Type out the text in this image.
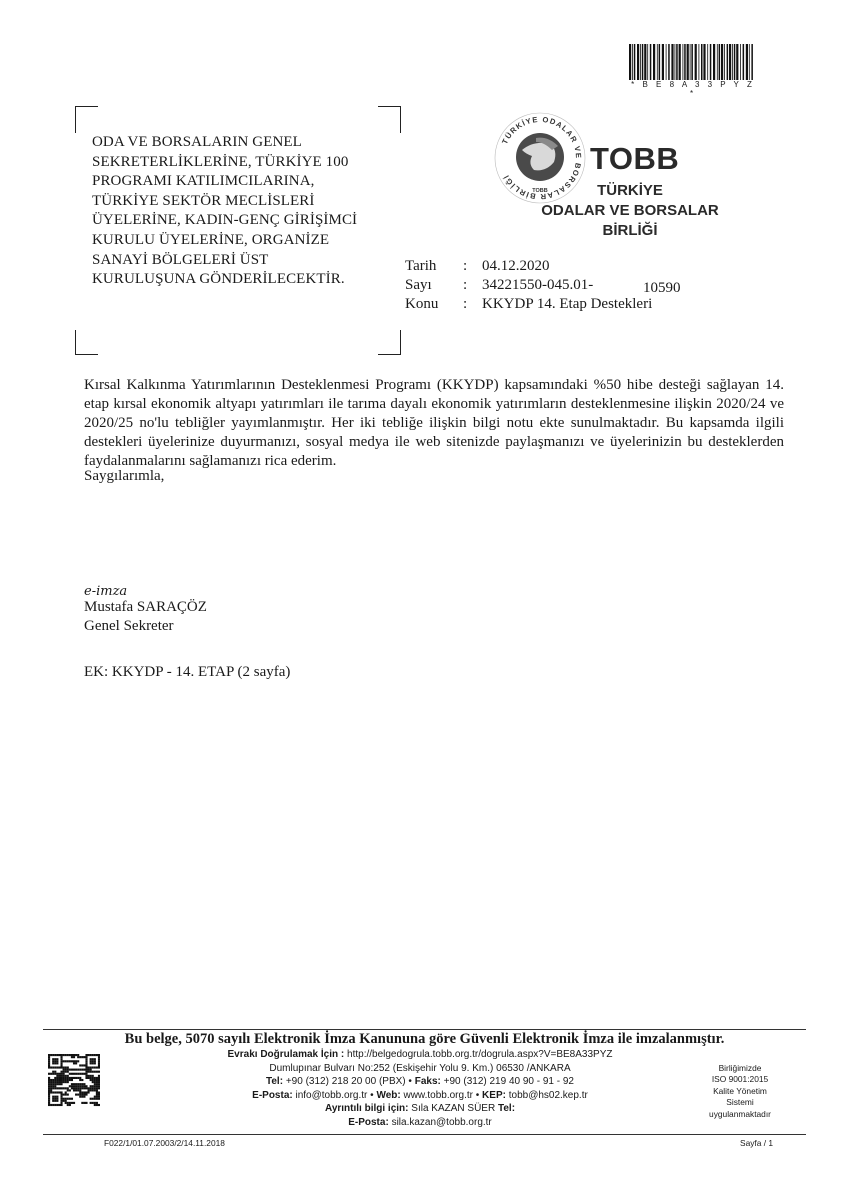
* B E 8 A 3 3 P Y Z *
ODA VE BORSALARIN GENEL
SEKRETERLİKLERİNE, TÜRKİYE 100
PROGRAMI KATILIMCILARINA,
TÜRKİYE SEKTÖR MECLİSLERİ
ÜYELERİNE, KADIN-GENÇ GİRİŞİMCİ
KURULU ÜYELERİNE, ORGANİZE
SANAYİ BÖLGELERİ ÜST
KURULUŞUNA GÖNDERİLECEKTİR.
TÜRKİYE ODALAR VE BORSALAR BİRLİĞİ
TOBB
TOBB
TÜRKİYE
ODALAR VE BORSALAR
BİRLİĞİ
Tarih : 04.12.2020
Sayı : 34221550-045.01-	10590
Konu : KKYDP 14. Etap Destekleri

Kırsal Kalkınma Yatırımlarının Desteklenmesi Programı (KKYDP) kapsamındaki %50 hibe desteği sağlayan 14. etap kırsal ekonomik altyapı yatırımları ile tarıma dayalı ekonomik yatırımların desteklenmesine ilişkin 2020/24 ve 2020/25 no'lu tebliğler yayımlanmıştır. Her iki tebliğe ilişkin bilgi notu ekte sunulmaktadır. Bu kapsamda ilgili destekleri üyelerinize duyurmanızı, sosyal medya ile web sitenizde paylaşmanızı ve üyelerinizin bu desteklerden faydalanmalarını sağlamanızı rica ederim.

Saygılarımla,
e-imza
Mustafa SARAÇÖZ
Genel Sekreter
EK: KKYDP - 14. ETAP (2 sayfa)
Bu belge, 5070 sayılı Elektronik İmza Kanununa göre Güvenli Elektronik İmza ile imzalanmıştır.
Evrakı Doğrulamak İçin : http://belgedogrula.tobb.org.tr/dogrula.aspx?V=BE8A33PYZ
Dumlupınar Bulvarı No:252 (Eskişehir Yolu 9. Km.) 06530 /ANKARA
Tel: +90 (312) 218 20 00 (PBX) • Faks: +90 (312) 219 40 90 - 91 - 92
E-Posta: info@tobb.org.tr • Web: www.tobb.org.tr • KEP: tobb@hs02.kep.tr
Ayrıntılı bilgi için: Sıla KAZAN SÜER Tel:
E-Posta: sila.kazan@tobb.org.tr
Birliğimizde
ISO 9001:2015
Kalite Yönetim
Sistemi
uygulanmaktadır
F022/1/01.07.2003/2/14.11.2018	Sayfa / 1
